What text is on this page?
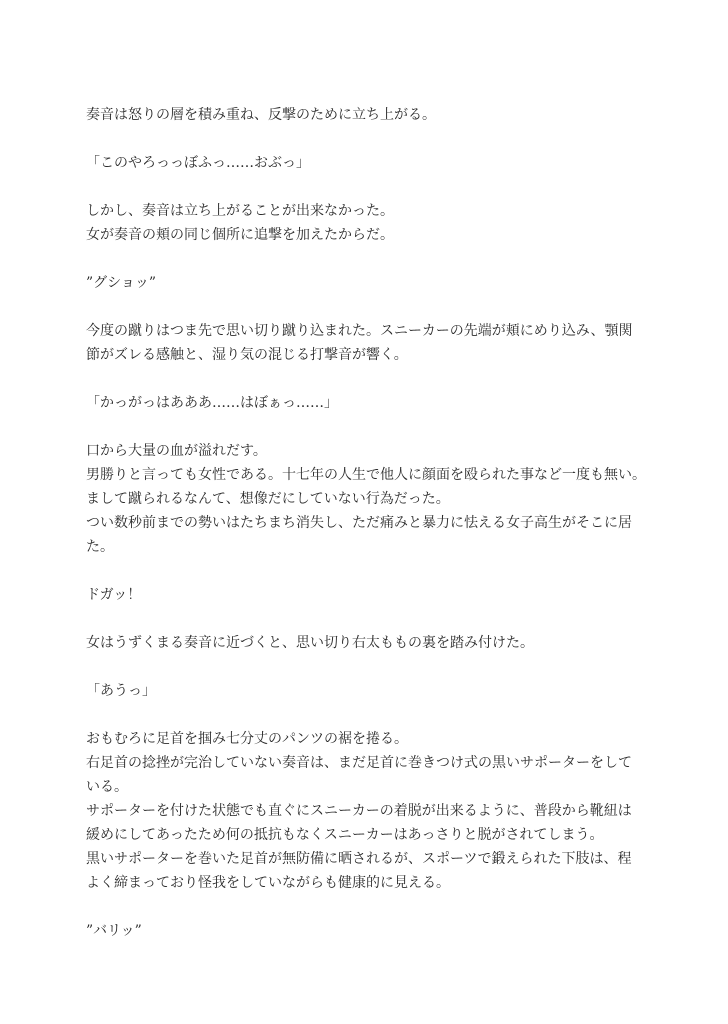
奏音は怒りの層を積み重ね、反撃のために立ち上がる。
「このやろっっぼふっ……おぶっ」
しかし、奏音は立ち上がることが出来なかった。
女が奏音の頬の同じ個所に追撃を加えたからだ。
”グショッ”
今度の蹴りはつま先で思い切り蹴り込まれた。スニーカーの先端が頬にめり込み、顎関
節がズレる感触と、湿り気の混じる打撃音が響く。
「かっがっはあああ……はぼぁっ……」
口から大量の血が溢れだす。
男勝りと言っても女性である。十七年の人生で他人に顔面を殴られた事など一度も無い。
まして蹴られるなんて、想像だにしていない行為だった。
つい数秒前までの勢いはたちまち消失し、ただ痛みと暴力に怯える女子高生がそこに居
た。
ドガッ！
女はうずくまる奏音に近づくと、思い切り右太ももの裏を踏み付けた。
「あうっ」
おもむろに足首を掴み七分丈のパンツの裾を捲る。
右足首の捻挫が完治していない奏音は、まだ足首に巻きつけ式の黒いサポーターをして
いる。
サポーターを付けた状態でも直ぐにスニーカーの着脱が出来るように、普段から靴紐は
緩めにしてあったため何の抵抗もなくスニーカーはあっさりと脱がされてしまう。
黒いサポーターを巻いた足首が無防備に晒されるが、スポーツで鍛えられた下肢は、程
よく締まっており怪我をしていながらも健康的に見える。
”バリッ”
